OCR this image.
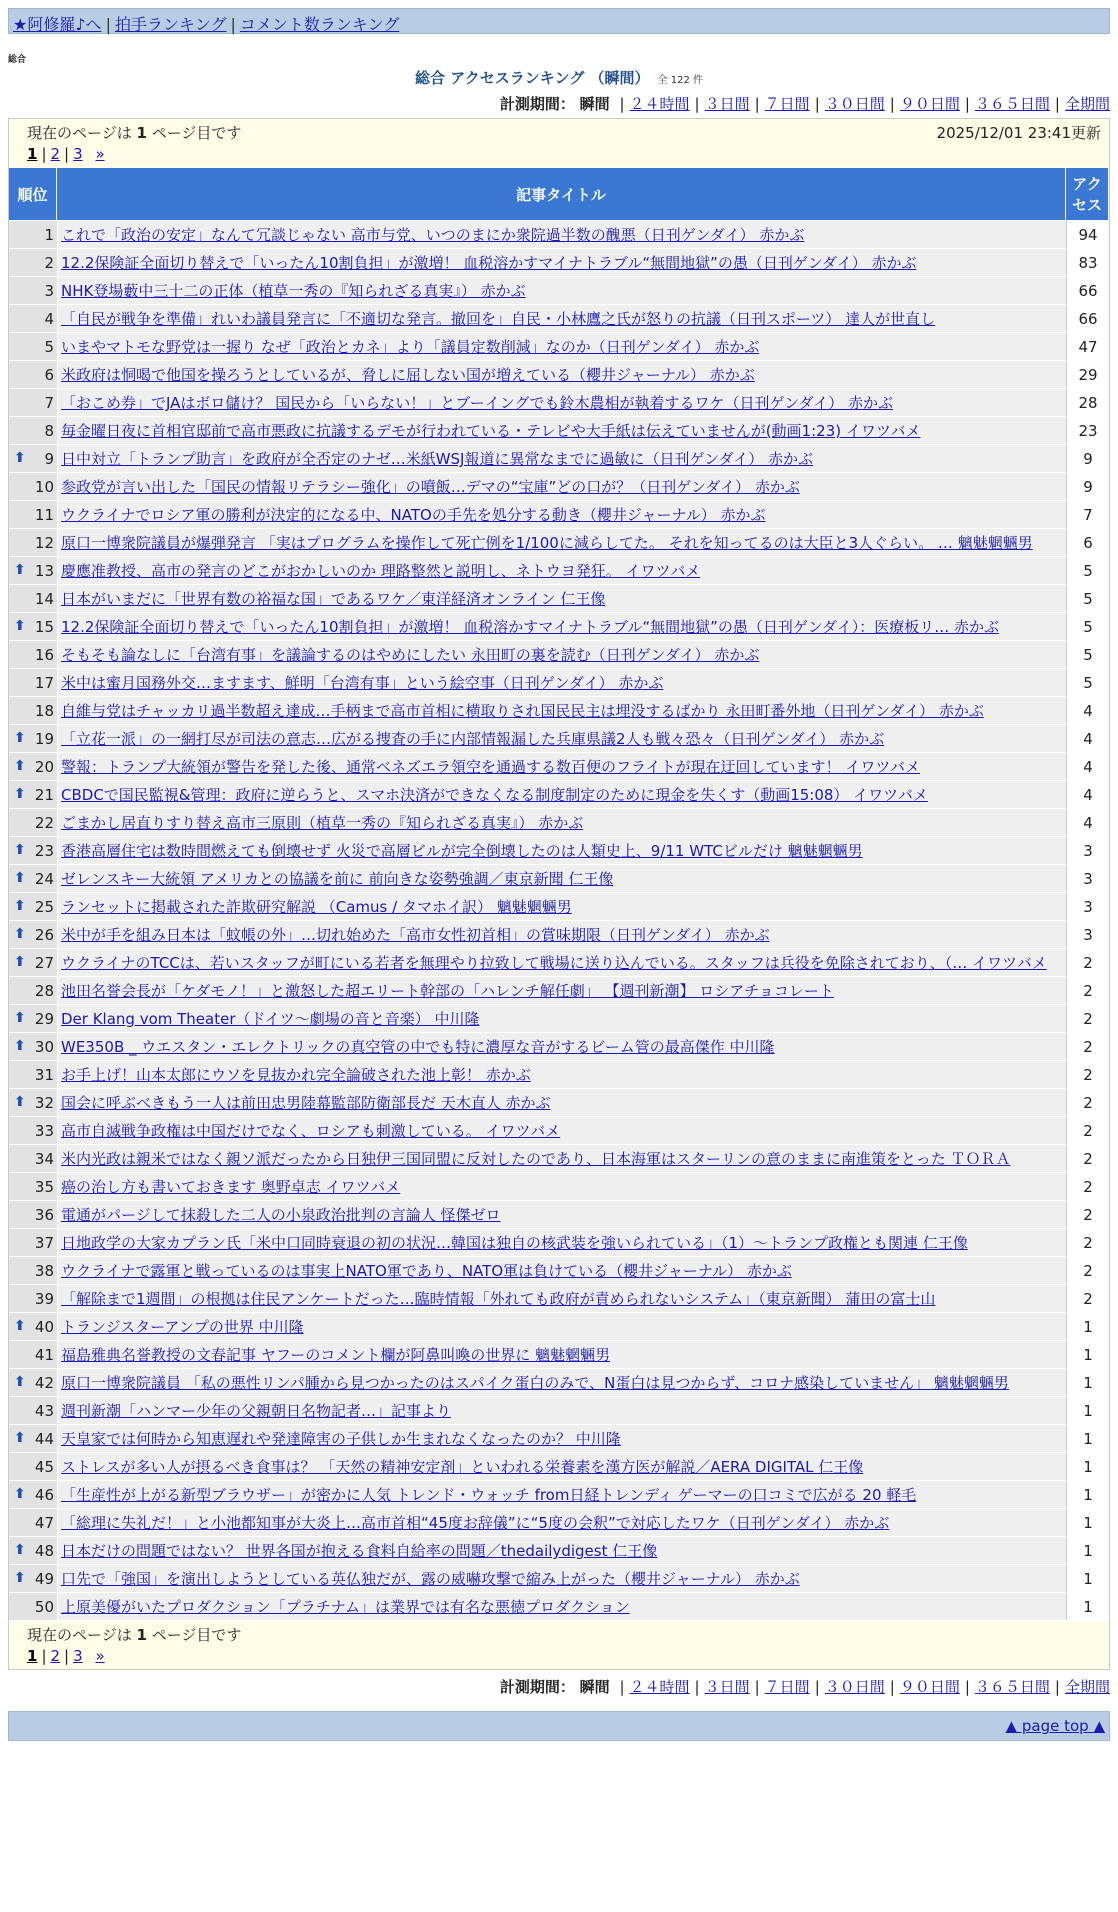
★阿修羅♪へ | 拍手ランキング | コメント数ランキング
総合
総合 アクセスランキング （瞬間） 全 122 件
計測期間： 瞬間 | ２４時間 | ３日間 | ７日間 | ３０日間 | ９０日間 | ３６５日間 | 全期間
現在のページは 1 ページ目です	2025/12/01 23:41更新
1 | 2 | 3 »
順位	記事タイトル	アクセス
1	これで「政治の安定」なんて冗談じゃない 高市与党、いつのまにか衆院過半数の醜悪（日刊ゲンダイ） 赤かぶ	94
2	12.2保険証全面切り替えで「いったん10割負担」が激増！ 血税溶かすマイナトラブル“無間地獄”の愚（日刊ゲンダイ） 赤かぶ	83
3	NHK登場藪中三十二の正体（植草一秀の『知られざる真実』） 赤かぶ	66
4	「自民が戦争を準備」れいわ議員発言に「不適切な発言。撤回を」自民・小林鷹之氏が怒りの抗議（日刊スポーツ） 達人が世直し	66
5	いまやマトモな野党は一握り なぜ「政治とカネ」より「議員定数削減」なのか（日刊ゲンダイ） 赤かぶ	47
6	米政府は恫喝で他国を操ろうとしているが、脅しに屈しない国が増えている（櫻井ジャーナル） 赤かぶ	29
7	「おこめ券」でJAはボロ儲け？ 国民から「いらない！」とブーイングでも鈴木農相が執着するワケ（日刊ゲンダイ） 赤かぶ	28
8	毎金曜日夜に首相官邸前で高市悪政に抗議するデモが行われている・テレビや大手紙は伝えていませんが(動画1:23) イワツバメ	23

⬆ 9	日中対立「トランプ助言」を政府が全否定のナゼ…米紙WSJ報道に異常なまでに過敏に（日刊ゲンダイ） 赤かぶ	9
10	参政党が言い出した「国民の情報リテラシー強化」の噴飯…デマの“宝庫”どの口が？（日刊ゲンダイ） 赤かぶ	9
11	ウクライナでロシア軍の勝利が決定的になる中、NATOの手先を処分する動き（櫻井ジャーナル） 赤かぶ	7
12	原口一博衆院議員が爆弾発言 「実はプログラムを操作して死亡例を1/100に減らしてた。 それを知ってるのは大臣と3人ぐらい。 … 魑魅魍魎男	6

⬆ 13	慶應准教授、高市の発言のどこがおかしいのか 理路整然と説明し、ネトウヨ発狂。 イワツバメ	5
14	日本がいまだに「世界有数の裕福な国」であるワケ／東洋経済オンライン 仁王像	5

⬆ 15	12.2保険証全面切り替えで「いったん10割負担」が激増！ 血税溶かすマイナトラブル“無間地獄”の愚（日刊ゲンダイ）：医療板リ… 赤かぶ	5
16	そもそも論なしに「台湾有事」を議論するのはやめにしたい 永田町の裏を読む（日刊ゲンダイ） 赤かぶ	5
17	米中は蜜月国務外交…ますます、鮮明「台湾有事」という絵空事（日刊ゲンダイ） 赤かぶ	5
18	自維与党はチャッカリ過半数超え達成…手柄まで高市首相に横取りされ国民民主は埋没するばかり 永田町番外地（日刊ゲンダイ） 赤かぶ	4

⬆ 19	「立花一派」の一網打尽が司法の意志…広がる捜査の手に内部情報漏した兵庫県議2人も戦々恐々（日刊ゲンダイ） 赤かぶ	4

⬆ 20	警報：トランプ大統領が警告を発した後、通常ベネズエラ領空を通過する数百便のフライトが現在迂回しています！ イワツバメ	4

⬆ 21	CBDCで国民監視&管理：政府に逆らうと、スマホ決済ができなくなる制度制定のために現金を失くす（動画15:08） イワツバメ	4
22	ごまかし居直りすり替え高市三原則（植草一秀の『知られざる真実』） 赤かぶ	4

⬆ 23	香港高層住宅は数時間燃えても倒壊せず 火災で高層ビルが完全倒壊したのは人類史上、9/11 WTCビルだけ 魑魅魍魎男	3

⬆ 24	ゼレンスキー大統領 アメリカとの協議を前に 前向きな姿勢強調／東京新聞 仁王像	3

⬆ 25	ランセットに掲載された詐欺研究解説 （Camus / タマホイ訳） 魑魅魍魎男	3

⬆ 26	米中が手を組み日本は「蚊帳の外」…切れ始めた「高市女性初首相」の賞味期限（日刊ゲンダイ） 赤かぶ	3

⬆ 27	ウクライナのTCCは、若いスタッフが町にいる若者を無理やり拉致して戦場に送り込んでいる。スタッフは兵役を免除されており、（… イワツバメ	2
28	池田名誉会長が「ケダモノ！」と激怒した超エリート幹部の「ハレンチ解任劇」 【週刊新潮】 ロシアチョコレート	2

⬆ 29	Der Klang vom Theater（ドイツ～劇場の音と音楽） 中川隆	2

⬆ 30	WE350B _ ウエスタン・エレクトリックの真空管の中でも特に濃厚な音がするビーム管の最高傑作 中川隆	2
31	お手上げ！山本太郎にウソを見抜かれ完全論破された池上彰！ 赤かぶ	2

⬆ 32	国会に呼ぶべきもう一人は前田忠男陸幕監部防衛部長だ 天木直人 赤かぶ	2
33	高市自滅戦争政権は中国だけでなく、ロシアも刺激している。 イワツバメ	2
34	米内光政は親米ではなく親ソ派だったから日独伊三国同盟に反対したのであり、日本海軍はスターリンの意のままに南進策をとった ＴＯＲＡ	2
35	癌の治し方も書いておきます 奥野卓志 イワツバメ	2
36	電通がパージして抹殺した二人の小泉政治批判の言論人 怪傑ゼロ	2
37	日地政学の大家カプラン氏「米中口同時衰退の初の状況…韓国は独自の核武装を強いられている」（1）～トランプ政権とも関連 仁王像	2
38	ウクライナで露軍と戦っているのは事実上NATO軍であり、NATO軍は負けている（櫻井ジャーナル） 赤かぶ	2
39	「解除まで1週間」の根拠は住民アンケートだった…臨時情報「外れても政府が責められないシステム」（東京新聞） 蒲田の富士山	2

⬆ 40	トランジスターアンプの世界 中川隆	1
41	福島雅典名誉教授の文春記事 ヤフーのコメント欄が阿鼻叫喚の世界に 魑魅魍魎男	1

⬆ 42	原口一博衆院議員 「私の悪性リンパ腫から見つかったのはスパイク蛋白のみで、N蛋白は見つからず、コロナ感染していません」 魑魅魍魎男	1
43	週刊新潮「ハンマー少年の父親朝日名物記者…」記事より	1

⬆ 44	天皇家では何時から知恵遅れや発達障害の子供しか生まれなくなったのか？ 中川隆	1
45	ストレスが多い人が摂るべき食事は？ 「天然の精神安定剤」といわれる栄養素を漢方医が解説／AERA DIGITAL 仁王像	1

⬆ 46	「生産性が上がる新型ブラウザー」が密かに人気 トレンド・ウォッチ from日経トレンディ ゲーマーの口コミで広がる 20 軽毛	1
47	「総理に失礼だ！」と小池都知事が大炎上…高市首相“45度お辞儀”に“5度の会釈”で対応したワケ（日刊ゲンダイ） 赤かぶ	1

⬆ 48	日本だけの問題ではない？ 世界各国が抱える食料自給率の問題／thedailydigest 仁王像	1

⬆ 49	口先で「強国」を演出しようとしている英仏独だが、露の威嚇攻撃で縮み上がった（櫻井ジャーナル） 赤かぶ	1
50	上原美優がいたプロダクション「プラチナム」は業界では有名な悪徳プロダクション	1
現在のページは 1 ページ目です
1 | 2 | 3 »
計測期間： 瞬間 | ２４時間 | ３日間 | ７日間 | ３０日間 | ９０日間 | ３６５日間 | 全期間
▲ page top ▲
